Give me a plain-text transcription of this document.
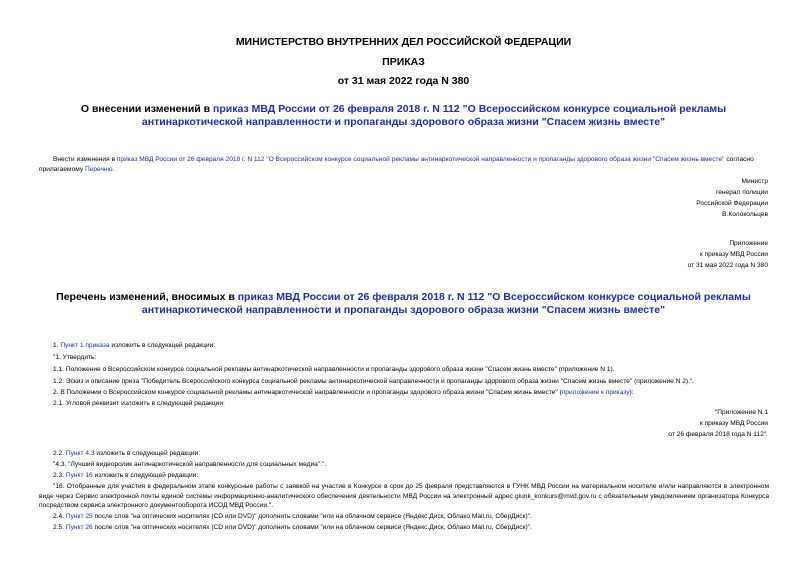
МИНИСТЕРСТВО ВНУТРЕННИХ ДЕЛ РОССИЙСКОЙ ФЕДЕРАЦИИ
ПРИКАЗ
от 31 мая 2022 года N 380
О внесении изменений в приказ МВД России от 26 февраля 2018 г. N 112 "О Всероссийском конкурсе социальной рекламы антинаркотической направленности и пропаганды здорового образа жизни "Спасем жизнь вместе"
Внести изменения в приказ МВД России от 26 февраля 2018 г. N 112 "О Всероссийском конкурсе социальной рекламы антинаркотической направленности и пропаганды здорового образа жизни "Спасем жизнь вместе" согласно прилагаемому Перечню.
Министр
генерал полиции
Российской Федерации
В.Колокольцев
Приложение
к приказу МВД России
от 31 мая 2022 года N 380
Перечень изменений, вносимых в приказ МВД России от 26 февраля 2018 г. N 112 "О Всероссийском конкурсе социальной рекламы антинаркотической направленности и пропаганды здорового образа жизни "Спасем жизнь вместе"
1. Пункт 1 приказа изложить в следующей редакции:
"1. Утвердить:
1.1. Положение о Всероссийском конкурсе социальной рекламы антинаркотической направленности и пропаганды здорового образа жизни "Спасем жизнь вместе" (приложение N 1).
1.2. Эскиз и описание приза "Победитель Всероссийского конкурса социальной рекламы антинаркотической направленности и пропаганды здорового образа жизни "Спасем жизнь вместе" (приложение N 2).".
2. В Положении о Всероссийском конкурсе социальной рекламы антинаркотической направленности и пропаганды здорового образа жизни "Спасем жизнь вместе" (приложение к приказу):
2.1. Угловой реквизит изложить в следующей редакции:
"Приложение N 1
к приказу МВД России
от 26 февраля 2018 года N 112".
2.2. Пункт 4.3 изложить в следующей редакции:
"4.3. "Лучший видеоролик антинаркотической направленности для социальных медиа".".
2.3. Пункт 16 изложить в следующей редакции:
"16. Отобранные для участия в федеральном этапе конкурсные работы с заявкой на участие в Конкурсе в срок до 25 февраля представляются в ГУНК МВД России на материальном носителе и/или направляются в электронном виде через Сервис электронной почты единой системы информационно-аналитического обеспечения деятельности МВД России на электронный адрес giunk_konkurs@mvd.gov.ru с обязательным уведомлением организатора Конкурса посредством сервиса электронного документооборота ИСОД МВД России.".
2.4. Пункт 25 после слов "на оптических носителях (CD или DVD)" дополнить словами "или на облачном сервисе (Яндекс.Диск, Облако Mail.ru, СберДиск)".
2.5. Пункт 26 после слов "на оптических носителях (CD или DVD)" дополнить словами "или на облачном сервисе (Яндекс.Диск, Облако Mail.ru, СберДиск)".
